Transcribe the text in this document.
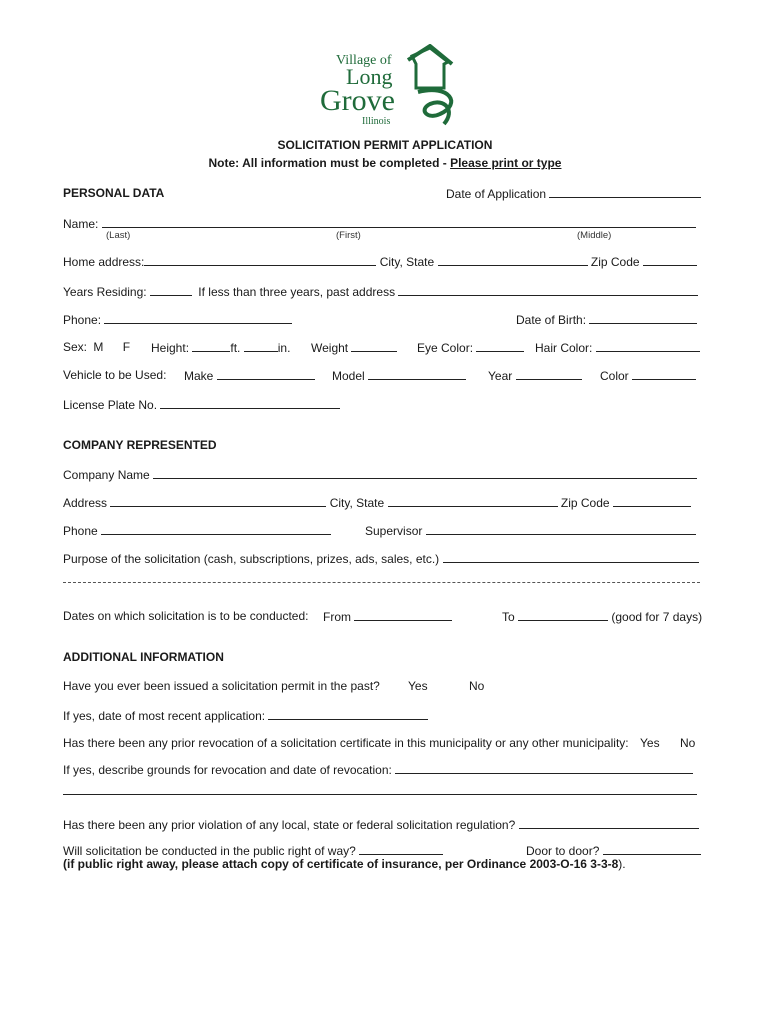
Village of
Long
Grove
Illinois
SOLICITATION PERMIT APPLICATION
Note: All information must be completed - Please print or type
PERSONAL DATA	Date of Application
Name:
(Last)	(First)	(Middle)
Home address:	City, State	Zip Code
Years Residing:	If less than three years, past address
Phone:	Date of Birth:
Sex: M F Height:	ft.	in. Weight	Eye Color:	Hair Color:
Vehicle to be Used: Make	Model	Year	Color
License Plate No.
COMPANY REPRESENTED
Company Name
Address	City, State	Zip Code
Phone	Supervisor
Purpose of the solicitation (cash, subscriptions, prizes, ads, sales, etc.)
Dates on which solicitation is to be conducted: From	To	(good for 7 days)
ADDITIONAL INFORMATION
Have you ever been issued a solicitation permit in the past? Yes	No
If yes, date of most recent application:
Has there been any prior revocation of a solicitation certificate in this municipality or any other municipality: Yes No
If yes, describe grounds for revocation and date of revocation:
Has there been any prior violation of any local, state or federal solicitation regulation?
Will solicitation be conducted in the public right of way?	Door to door?
(if public right away, please attach copy of certificate of insurance, per Ordinance 2003-O-16 3-3-8).
